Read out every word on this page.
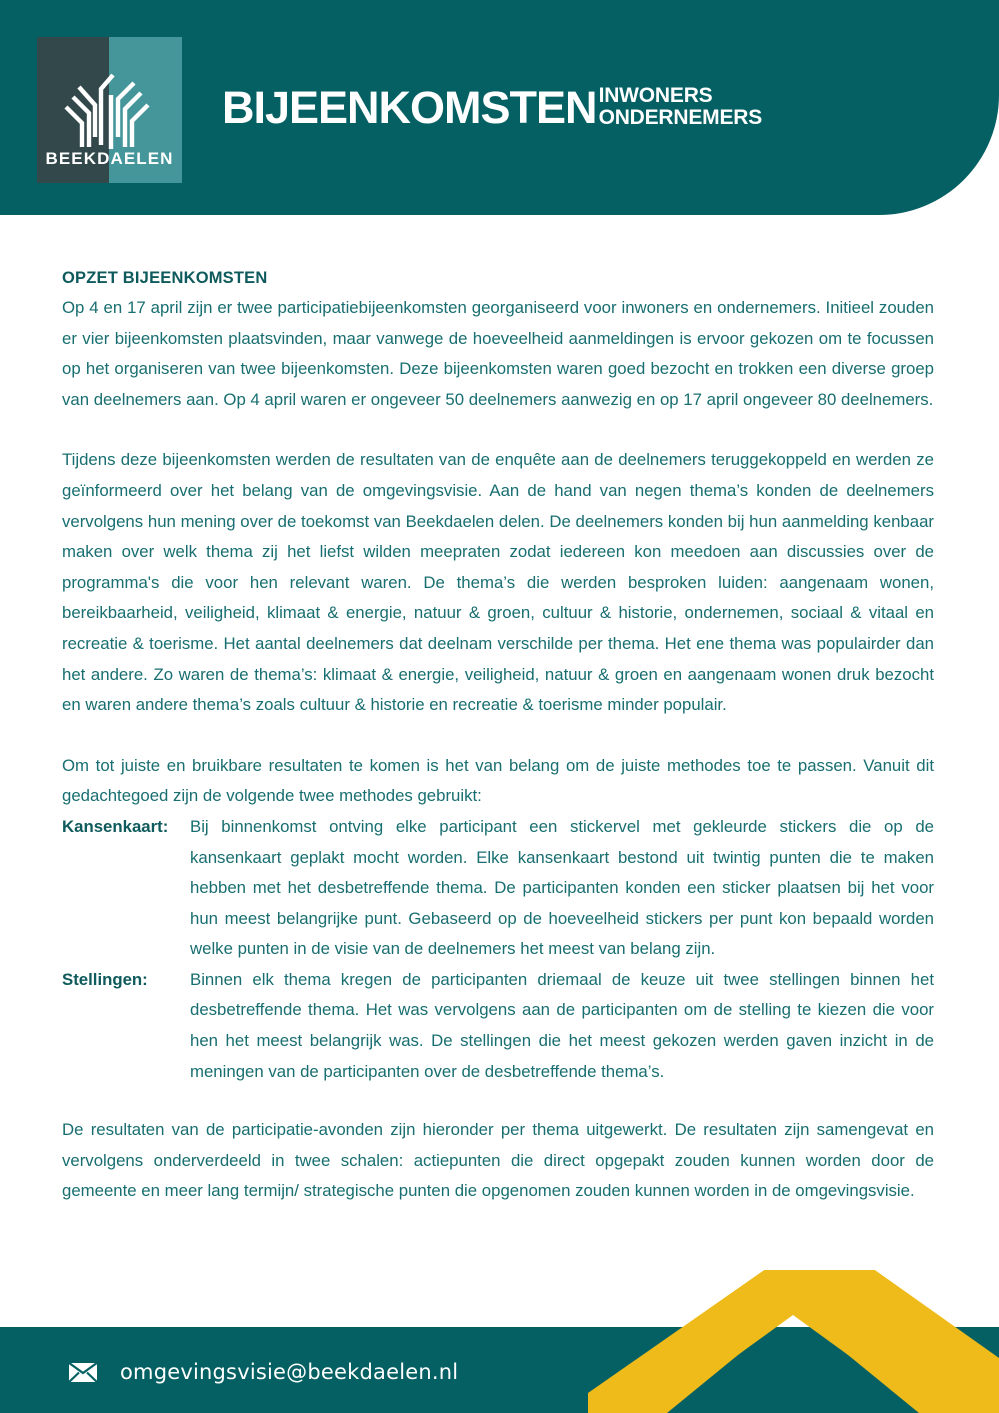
BEEKDAELEN
BIJEENKOMSTEN INWONERS
ONDERNEMERS
OPZET BIJEENKOMSTEN

Op 4 en 17 april zijn er twee participatiebijeenkomsten georganiseerd voor inwoners en ondernemers. Initieel zouden er vier bijeenkomsten plaatsvinden, maar vanwege de hoeveelheid aanmeldingen is ervoor gekozen om te focussen op het organiseren van twee bijeenkomsten. Deze bijeenkomsten waren goed bezocht en trokken een diverse groep van deelnemers aan. Op 4 april waren er ongeveer 50 deelnemers aanwezig en op 17 april ongeveer 80 deelnemers.

Tijdens deze bijeenkomsten werden de resultaten van de enquête aan de deelnemers teruggekoppeld en werden ze geïnformeerd over het belang van de omgevingsvisie. Aan de hand van negen thema’s konden de deelnemers vervolgens hun mening over de toekomst van Beekdaelen delen. De deelnemers konden bij hun aanmelding kenbaar maken over welk thema zij het liefst wilden meepraten zodat iedereen kon meedoen aan discussies over de programma's die voor hen relevant waren. De thema’s die werden besproken luiden: aangenaam wonen, bereikbaarheid, veiligheid, klimaat & energie, natuur & groen, cultuur & historie, ondernemen, sociaal & vitaal en recreatie & toerisme. Het aantal deelnemers dat deelnam verschilde per thema. Het ene thema was populairder dan het andere. Zo waren de thema’s: klimaat & energie, veiligheid, natuur & groen en aangenaam wonen druk bezocht en waren andere thema’s zoals cultuur & historie en recreatie & toerisme minder populair.

Om tot juiste en bruikbare resultaten te komen is het van belang om de juiste methodes toe te passen. Vanuit dit gedachtegoed zijn de volgende twee methodes gebruikt:

Kansenkaart:	Bij binnenkomst ontving elke participant een stickervel met gekleurde stickers die op de kansenkaart geplakt mocht worden. Elke kansenkaart bestond uit twintig punten die te maken hebben met het desbetreffende thema. De participanten konden een sticker plaatsen bij het voor hun meest belangrijke punt. Gebaseerd op de hoeveelheid stickers per punt kon bepaald worden welke punten in de visie van de deelnemers het meest van belang zijn.
Stellingen:	Binnen elk thema kregen de participanten driemaal de keuze uit twee stellingen binnen het desbetreffende thema. Het was vervolgens aan de participanten om de stelling te kiezen die voor hen het meest belangrijk was. De stellingen die het meest gekozen werden gaven inzicht in de meningen van de participanten over de desbetreffende thema’s.

De resultaten van de participatie-avonden zijn hieronder per thema uitgewerkt. De resultaten zijn samengevat en vervolgens onderverdeeld in twee schalen: actiepunten die direct opgepakt zouden kunnen worden door de gemeente en meer lang termijn/ strategische punten die opgenomen zouden kunnen worden in de omgevingsvisie.

omgevingsvisie@beekdaelen.nl
